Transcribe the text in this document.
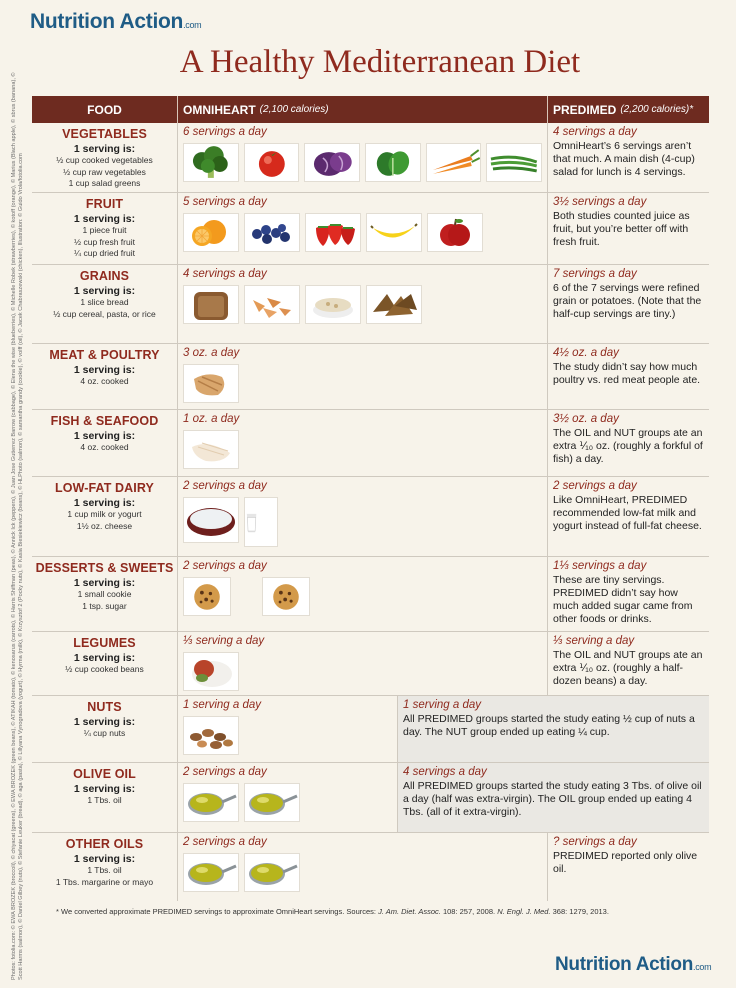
Nutrition Action.com
A Healthy Mediterranean Diet
Photos: fotolia.com: © EWA BROZEK (broccoli), © chiyacat (greens), © EWA BROZEK (green beans), © ATIKAH (tomato), © kenosarus (carrots), © Harris Shiffman (peas), © Annick Ick (peppers), © Juan Jose Gutierrez Barrow (cabbage), © Elena the wise (blueberries), © Michelle Robek (strawberries), © kotoff (orange), © Marius (Blach apple), © sbrus (banana), © Scott Harms (salmon), © Daniel Gilbey (nuts), © Stefanie Leuker (bread), © aga (pasta), © Lillyana Vynogradova (yogurt), © Hyrma (milk), © Krzysztof 2 (Pocky nuts), © Kasia Biesiekiewicz (beans), © HLPhoto (salmon), © samantha grandy (cookie), © volff (oil), © Jacek Chabraszewski (chicken), Illustration: © Guido Vrola/fotolia.com
FOOD	OMNIHEART (2,100 calories)	PREDIMED (2,200 calories)*
VEGETABLES
1 serving is:
½ cup cooked vegetables
½ cup raw vegetables
1 cup salad greens
6 servings a day	4 servings a day
OmniHeart’s 6 servings aren’t that much. A main dish (4-cup) salad for lunch is 4 servings.
FRUIT
1 serving is:
1 piece fruit
½ cup fresh fruit
¼ cup dried fruit
5 servings a day	3½ servings a day
Both studies counted juice as fruit, but you’re better off with fresh fruit.
GRAINS
1 serving is:
1 slice bread
½ cup cereal, pasta, or rice
4 servings a day	7 servings a day
6 of the 7 servings were refined grain or potatoes. (Note that the half-cup servings are tiny.)
MEAT & POULTRY
1 serving is:
4 oz. cooked
3 oz. a day	4½ oz. a day
The study didn’t say how much poultry vs. red meat people ate.
FISH & SEAFOOD
1 serving is:
4 oz. cooked
1 oz. a day	3½ oz. a day
The OIL and NUT groups ate an extra ⅟₁₀ oz. (roughly a forkful of fish) a day.
LOW-FAT DAIRY
1 serving is:
1 cup milk or yogurt
1½ oz. cheese
2 servings a day	2 servings a day
Like OmniHeart, PREDIMED recommended low-fat milk and yogurt instead of full-fat cheese.
DESSERTS & SWEETS
1 serving is:
1 small cookie
1 tsp. sugar
2 servings a day	1⅓ servings a day
These are tiny servings. PREDIMED didn’t say how much added sugar came from other foods or drinks.
LEGUMES
1 serving is:
½ cup cooked beans
⅓ serving a day	⅓ serving a day
The OIL and NUT groups ate an extra ⅟₁₀ oz. (roughly a half-dozen beans) a day.
NUTS
1 serving is:
¼ cup nuts
1 serving a day	1 serving a day
All PREDIMED groups started the study eating ½ cup of nuts a day. The NUT group ended up eating ¼ cup.
OLIVE OIL
1 serving is:
1 Tbs. oil
2 servings a day	4 servings a day
All PREDIMED groups started the study eating 3 Tbs. of olive oil a day (half was extra-virgin). The OIL group ended up eating 4 Tbs. (all of it extra-virgin).
OTHER OILS
1 serving is:
1 Tbs. oil
1 Tbs. margarine or mayo
2 servings a day	? servings a day
PREDIMED reported only olive oil.
* We converted approximate PREDIMED servings to approximate OmniHeart servings. Sources: J. Am. Diet. Assoc. 108: 257, 2008. N. Engl. J. Med. 368: 1279, 2013.
Nutrition Action.com
